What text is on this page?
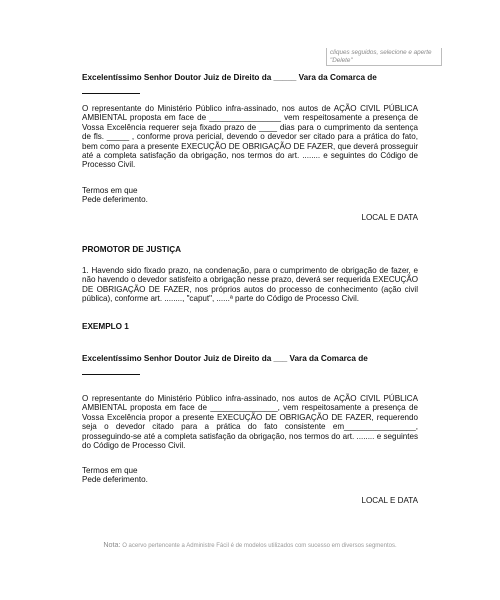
cliques seguidos, selecione e aperte "Delete"

Excelentíssimo Senhor Doutor Juiz de Direito da _____ Vara da Comarca de

O representante do Ministério Público infra-assinado, nos autos de AÇÃO CIVIL PÚBLICA AMBIENTAL proposta em face de ________________ vem respeitosamente a presença de Vossa Excelência requerer seja fixado prazo de ____ dias para o cumprimento da sentença de fls. _____ , conforme prova pericial, devendo o devedor ser citado para a prática do fato, bem como para a presente EXECUÇÃO DE OBRIGAÇÃO DE FAZER, que deverá prosseguir até a completa satisfação da obrigação, nos termos do art. ........ e seguintes do Código de Processo Civil.

Termos em que

Pede deferimento.

LOCAL E DATA

PROMOTOR DE JUSTIÇA

1. Havendo sido fixado prazo, na condenação, para o cumprimento de obrigação de fazer, e não havendo o devedor satisfeito a obrigação nesse prazo, deverá ser requerida EXECUÇÃO DE OBRIGAÇÃO DE FAZER, nos próprios autos do processo de conhecimento (ação civil pública), conforme art. ........, "caput", ......ª parte do Código de Processo Civil.

EXEMPLO 1

Excelentíssimo Senhor Doutor Juiz de Direito da ___ Vara da Comarca de

O representante do Ministério Público infra-assinado, nos autos de AÇÃO CIVIL PÚBLICA AMBIENTAL proposta em face de _______________, vem respeitosamente a presença de Vossa Excelência propor a presente EXECUÇÃO DE OBRIGAÇÃO DE FAZER, requerendo seja o devedor citado para a prática do fato consistente em________________, prosseguindo-se até a completa satisfação da obrigação, nos termos do art. ........ e seguintes do Código de Processo Civil.

Termos em que

Pede deferimento.

LOCAL E DATA
Nota: O acervo pertencente a Administre Fácil é de modelos utilizados com sucesso em diversos segmentos.
